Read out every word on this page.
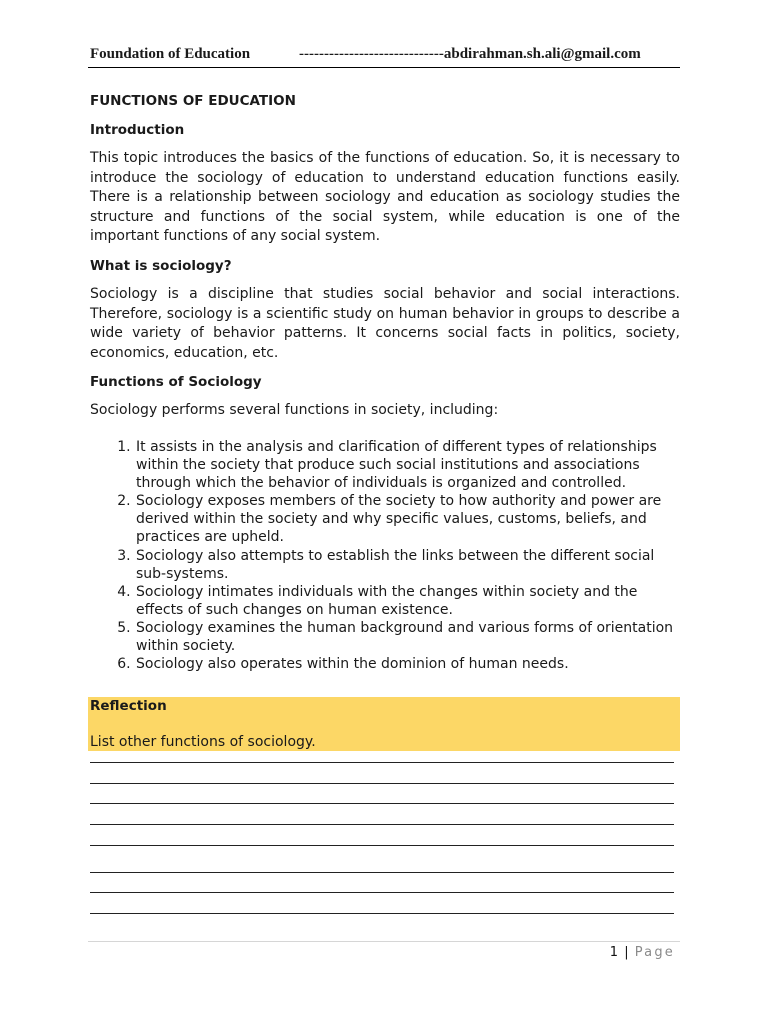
Foundation of Education	-----------------------------abdirahman.sh.ali@gmail.com
FUNCTIONS OF EDUCATION
Introduction

This topic introduces the basics of the functions of education. So, it is necessary to introduce the sociology of education to understand education functions easily. There is a relationship between sociology and education as sociology studies the structure and functions of the social system, while education is one of the important functions of any social system.

What is sociology?

Sociology is a discipline that studies social behavior and social interactions. Therefore, sociology is a scientific study on human behavior in groups to describe a wide variety of behavior patterns. It concerns social facts in politics, society, economics, education, etc.

Functions of Sociology

Sociology performs several functions in society, including:

1. It assists in the analysis and clarification of different types of relationships within the society that produce such social institutions and associations through which the behavior of individuals is organized and controlled.
2. Sociology exposes members of the society to how authority and power are derived within the society and why specific values, customs, beliefs, and practices are upheld.
3. Sociology also attempts to establish the links between the different social sub-systems.
4. Sociology intimates individuals with the changes within society and the effects of such changes on human existence.
5. Sociology examines the human background and various forms of orientation within society.
6. Sociology also operates within the dominion of human needs.
Reflection
List other functions of sociology.
1 | Page
